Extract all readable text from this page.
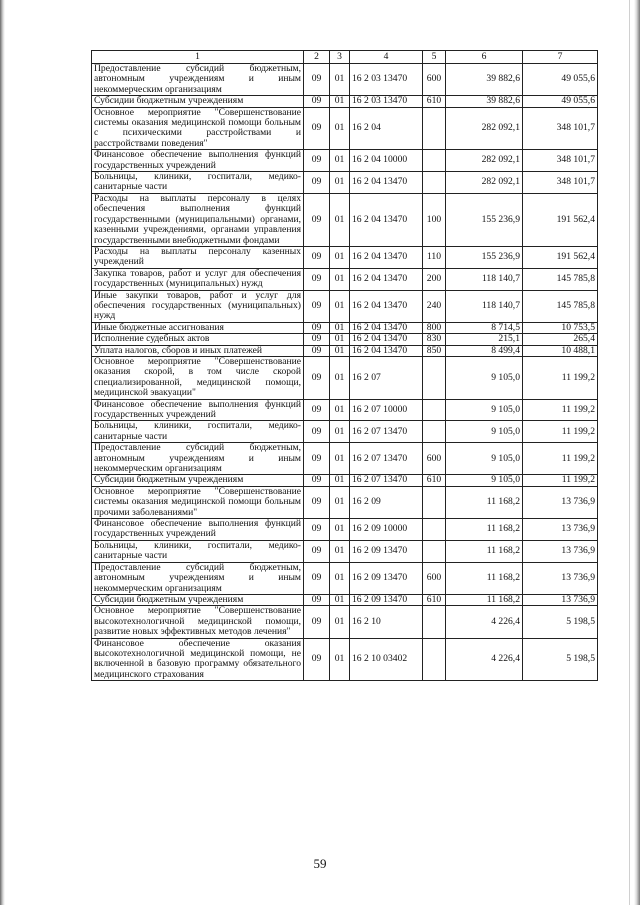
1	2	3	4	5	6	7
Предоставление субсидий бюджетным, автономным учреждениям и иным некоммерческим организациям	09	01	16 2 03 13470	600	39 882,6	49 055,6
Субсидии бюджетным учреждениям	09	01	16 2 03 13470	610	39 882,6	49 055,6
Основное мероприятие "Совершенствование системы оказания медицинской помощи больным с психическими расстройствами и расстройствами поведения"	09	01	16 2 04		282 092,1	348 101,7
Финансовое обеспечение выполнения функций государственных учреждений	09	01	16 2 04 10000		282 092,1	348 101,7
Больницы, клиники, госпитали, медико-санитарные части	09	01	16 2 04 13470		282 092,1	348 101,7
Расходы на выплаты персоналу в целях обеспечения выполнения функций государственными (муниципальными) органами, казенными учреждениями, органами управления государственными внебюджетными фондами	09	01	16 2 04 13470	100	155 236,9	191 562,4
Расходы на выплаты персоналу казенных учреждений	09	01	16 2 04 13470	110	155 236,9	191 562,4
Закупка товаров, работ и услуг для обеспечения государственных (муниципальных) нужд	09	01	16 2 04 13470	200	118 140,7	145 785,8
Иные закупки товаров, работ и услуг для обеспечения государственных (муниципальных) нужд	09	01	16 2 04 13470	240	118 140,7	145 785,8
Иные бюджетные ассигнования	09	01	16 2 04 13470	800	8 714,5	10 753,5
Исполнение судебных актов	09	01	16 2 04 13470	830	215,1	265,4
Уплата налогов, сборов и иных платежей	09	01	16 2 04 13470	850	8 499,4	10 488,1
Основное мероприятие "Совершенствование оказания скорой, в том числе скорой специализированной, медицинской помощи, медицинской эвакуации"	09	01	16 2 07		9 105,0	11 199,2
Финансовое обеспечение выполнения функций государственных учреждений	09	01	16 2 07 10000		9 105,0	11 199,2
Больницы, клиники, госпитали, медико-санитарные части	09	01	16 2 07 13470		9 105,0	11 199,2
Предоставление субсидий бюджетным, автономным учреждениям и иным некоммерческим организациям	09	01	16 2 07 13470	600	9 105,0	11 199,2
Субсидии бюджетным учреждениям	09	01	16 2 07 13470	610	9 105,0	11 199,2
Основное мероприятие "Совершенствование системы оказания медицинской помощи больным прочими заболеваниями"	09	01	16 2 09		11 168,2	13 736,9
Финансовое обеспечение выполнения функций государственных учреждений	09	01	16 2 09 10000		11 168,2	13 736,9
Больницы, клиники, госпитали, медико-санитарные части	09	01	16 2 09 13470		11 168,2	13 736,9
Предоставление субсидий бюджетным, автономным учреждениям и иным некоммерческим организациям	09	01	16 2 09 13470	600	11 168,2	13 736,9
Субсидии бюджетным учреждениям	09	01	16 2 09 13470	610	11 168,2	13 736,9
Основное мероприятие "Совершенствование высокотехнологичной медицинской помощи, развитие новых эффективных методов лечения"	09	01	16 2 10		4 226,4	5 198,5
Финансовое обеспечение оказания высокотехнологичной медицинской помощи, не включенной в базовую программу обязательного медицинского страхования	09	01	16 2 10 03402		4 226,4	5 198,5
59
